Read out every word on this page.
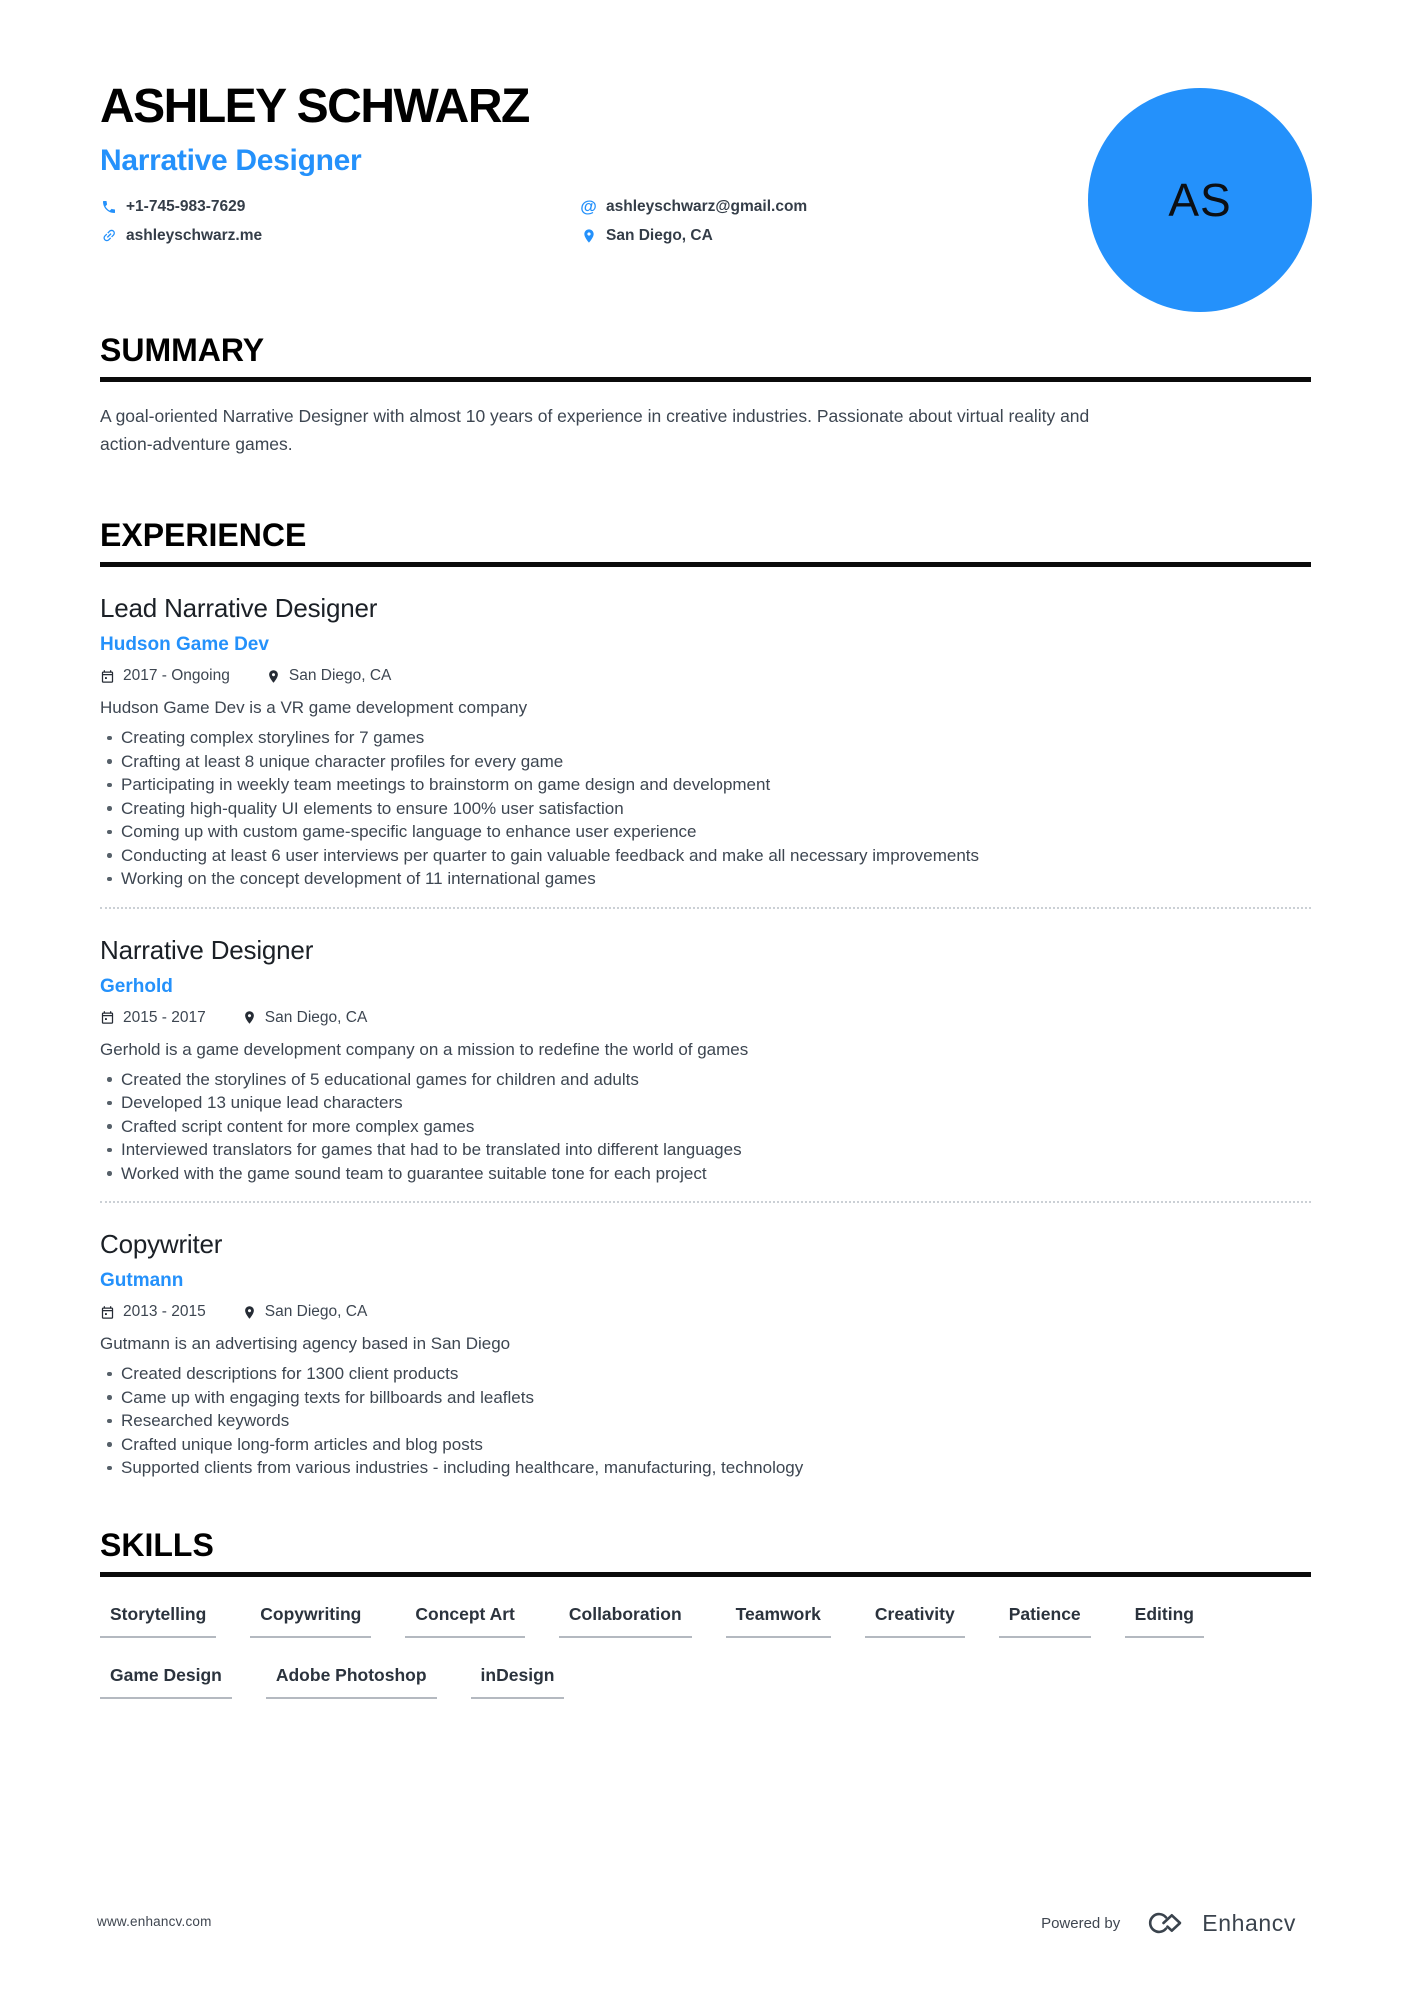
ASHLEY SCHWARZ
Narrative Designer
+1-745-983-7629
ashleyschwarz.me
@ ashleyschwarz@gmail.com
San Diego, CA
AS
SUMMARY

A goal-oriented Narrative Designer with almost 10 years of experience in creative industries. Passionate about virtual reality and action-adventure games.

EXPERIENCE
Lead Narrative Designer
Hudson Game Dev
2017 - Ongoing	San Diego, CA
Hudson Game Dev is a VR game development company
Creating complex storylines for 7 games
Crafting at least 8 unique character profiles for every game
Participating in weekly team meetings to brainstorm on game design and development
Creating high-quality UI elements to ensure 100% user satisfaction
Coming up with custom game-specific language to enhance user experience
Conducting at least 6 user interviews per quarter to gain valuable feedback and make all necessary improvements
Working on the concept development of 11 international games
Narrative Designer
Gerhold
2015 - 2017	San Diego, CA
Gerhold is a game development company on a mission to redefine the world of games
Created the storylines of 5 educational games for children and adults
Developed 13 unique lead characters
Crafted script content for more complex games
Interviewed translators for games that had to be translated into different languages
Worked with the game sound team to guarantee suitable tone for each project
Copywriter
Gutmann
2013 - 2015	San Diego, CA
Gutmann is an advertising agency based in San Diego
Created descriptions for 1300 client products
Came up with engaging texts for billboards and leaflets
Researched keywords
Crafted unique long-form articles and blog posts
Supported clients from various industries - including healthcare, manufacturing, technology
SKILLS
Storytelling	Copywriting	Concept Art	Collaboration	Teamwork	Creativity	Patience	Editing
Game Design	Adobe Photoshop	inDesign
www.enhancv.com	Powered by	Enhancv
